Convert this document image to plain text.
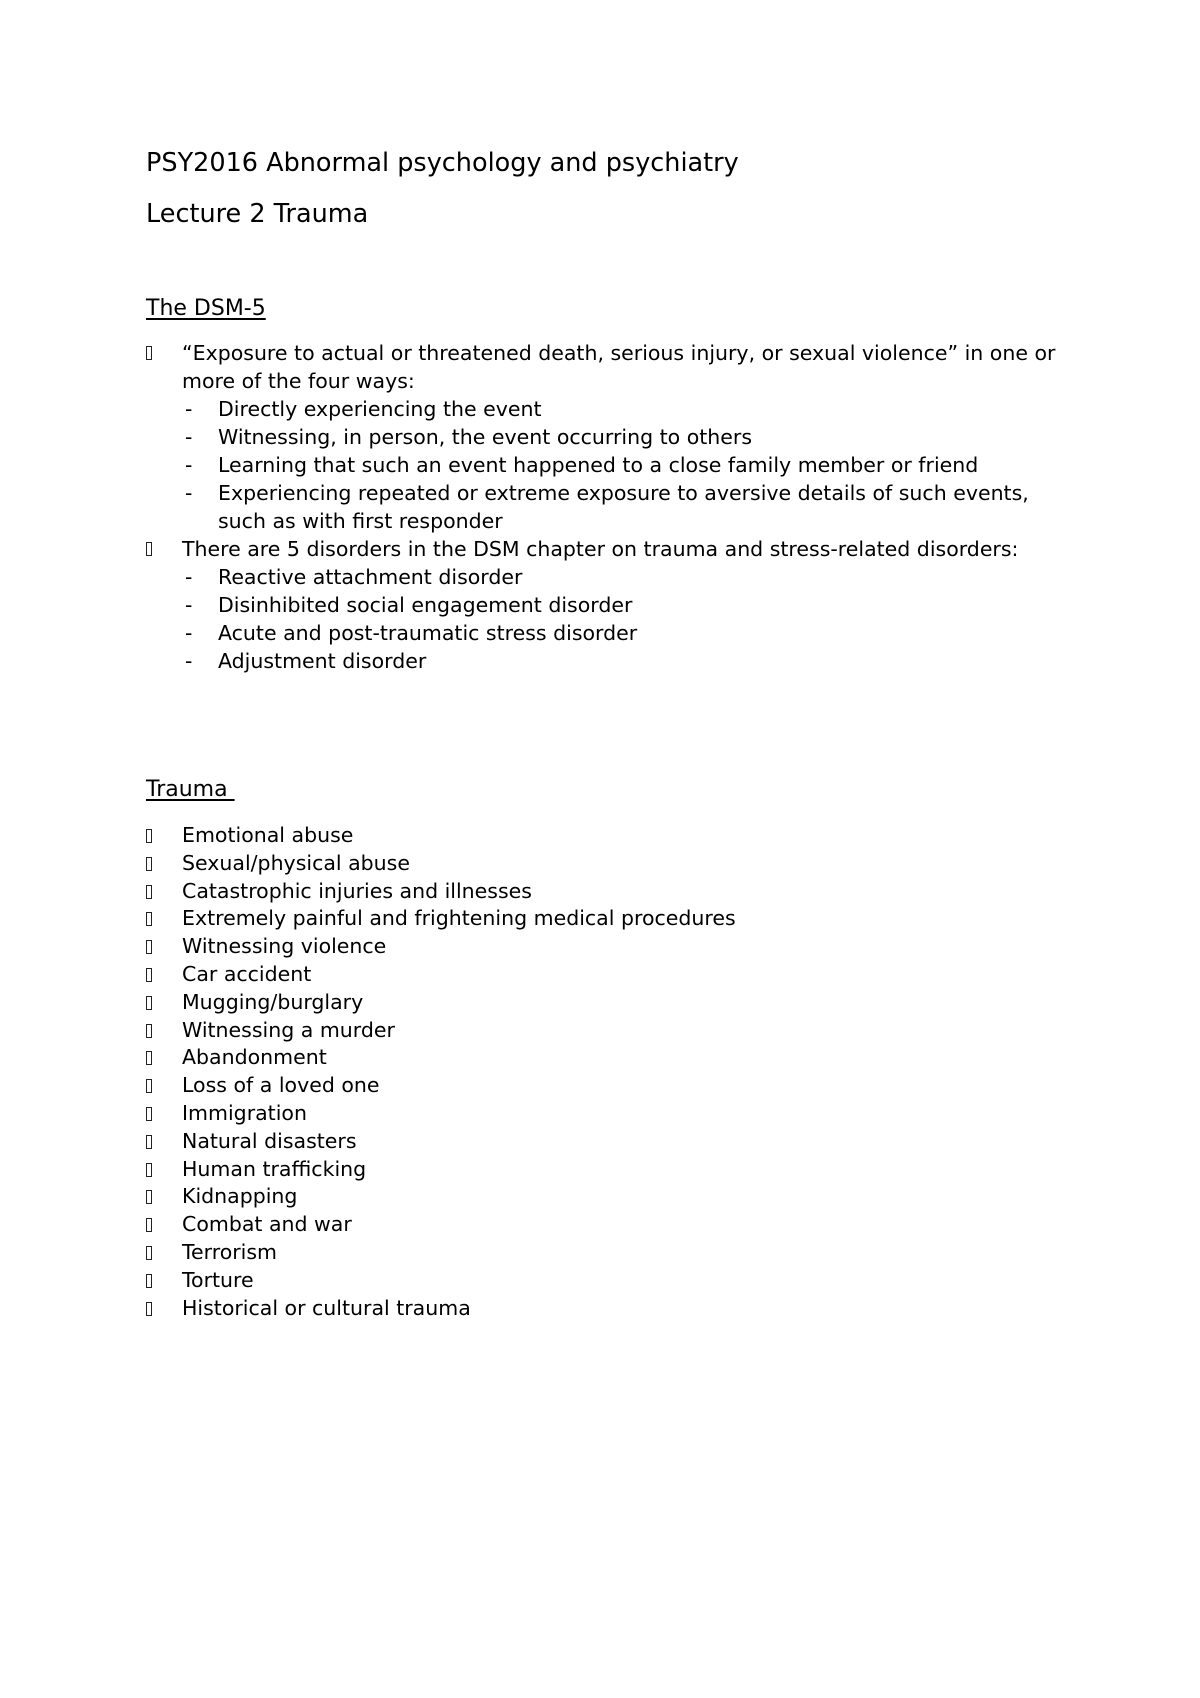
PSY2016 Abnormal psychology and psychiatry
Lecture 2 Trauma
The DSM-5
“Exposure to actual or threatened death, serious injury, or sexual violence” in one or more of the four ways:
- Directly experiencing the event
- Witnessing, in person, the event occurring to others
- Learning that such an event happened to a close family member or friend
- Experiencing repeated or extreme exposure to aversive details of such events, such as with first responder
There are 5 disorders in the DSM chapter on trauma and stress-related disorders:
- Reactive attachment disorder
- Disinhibited social engagement disorder
- Acute and post-traumatic stress disorder
- Adjustment disorder
Trauma
Emotional abuse
Sexual/physical abuse
Catastrophic injuries and illnesses
Extremely painful and frightening medical procedures
Witnessing violence
Car accident
Mugging/burglary
Witnessing a murder
Abandonment
Loss of a loved one
Immigration
Natural disasters
Human trafficking
Kidnapping
Combat and war
Terrorism
Torture
Historical or cultural trauma
